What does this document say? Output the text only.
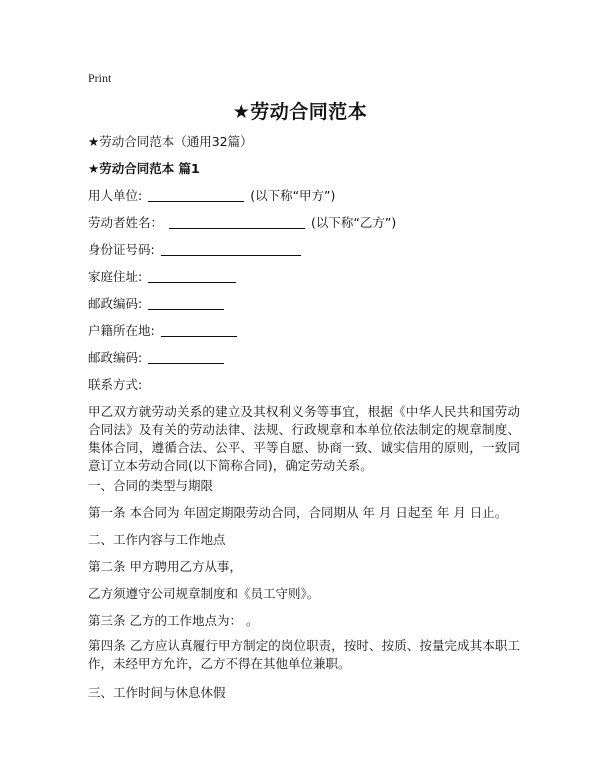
Print
★劳动合同范本
★劳动合同范本（通用32篇）
★劳动合同范本 篇1
用人单位:	(以下称“甲方”)
劳动者姓名：	(以下称“乙方”)
身份证号码:
家庭住址:
邮政编码:
户籍所在地:
邮政编码:
联系方式:
甲乙双方就劳动关系的建立及其权利义务等事宜，根据《中华人民共和国劳动合同法》及有关的劳动法律、法规、行政规章和本单位依法制定的规章制度、集体合同，遵循合法、公平、平等自愿、协商一致、诚实信用的原则，一致同意订立本劳动合同(以下简称合同)，确定劳动关系。
一、合同的类型与期限
第一条 本合同为 年固定期限劳动合同，合同期从 年 月 日起至 年 月 日止。
二、工作内容与工作地点
第二条 甲方聘用乙方从事，
乙方须遵守公司规章制度和《员工守则》。
第三条 乙方的工作地点为： 。
第四条 乙方应认真履行甲方制定的岗位职责，按时、按质、按量完成其本职工作，未经甲方允许，乙方不得在其他单位兼职。
三、工作时间与休息休假
